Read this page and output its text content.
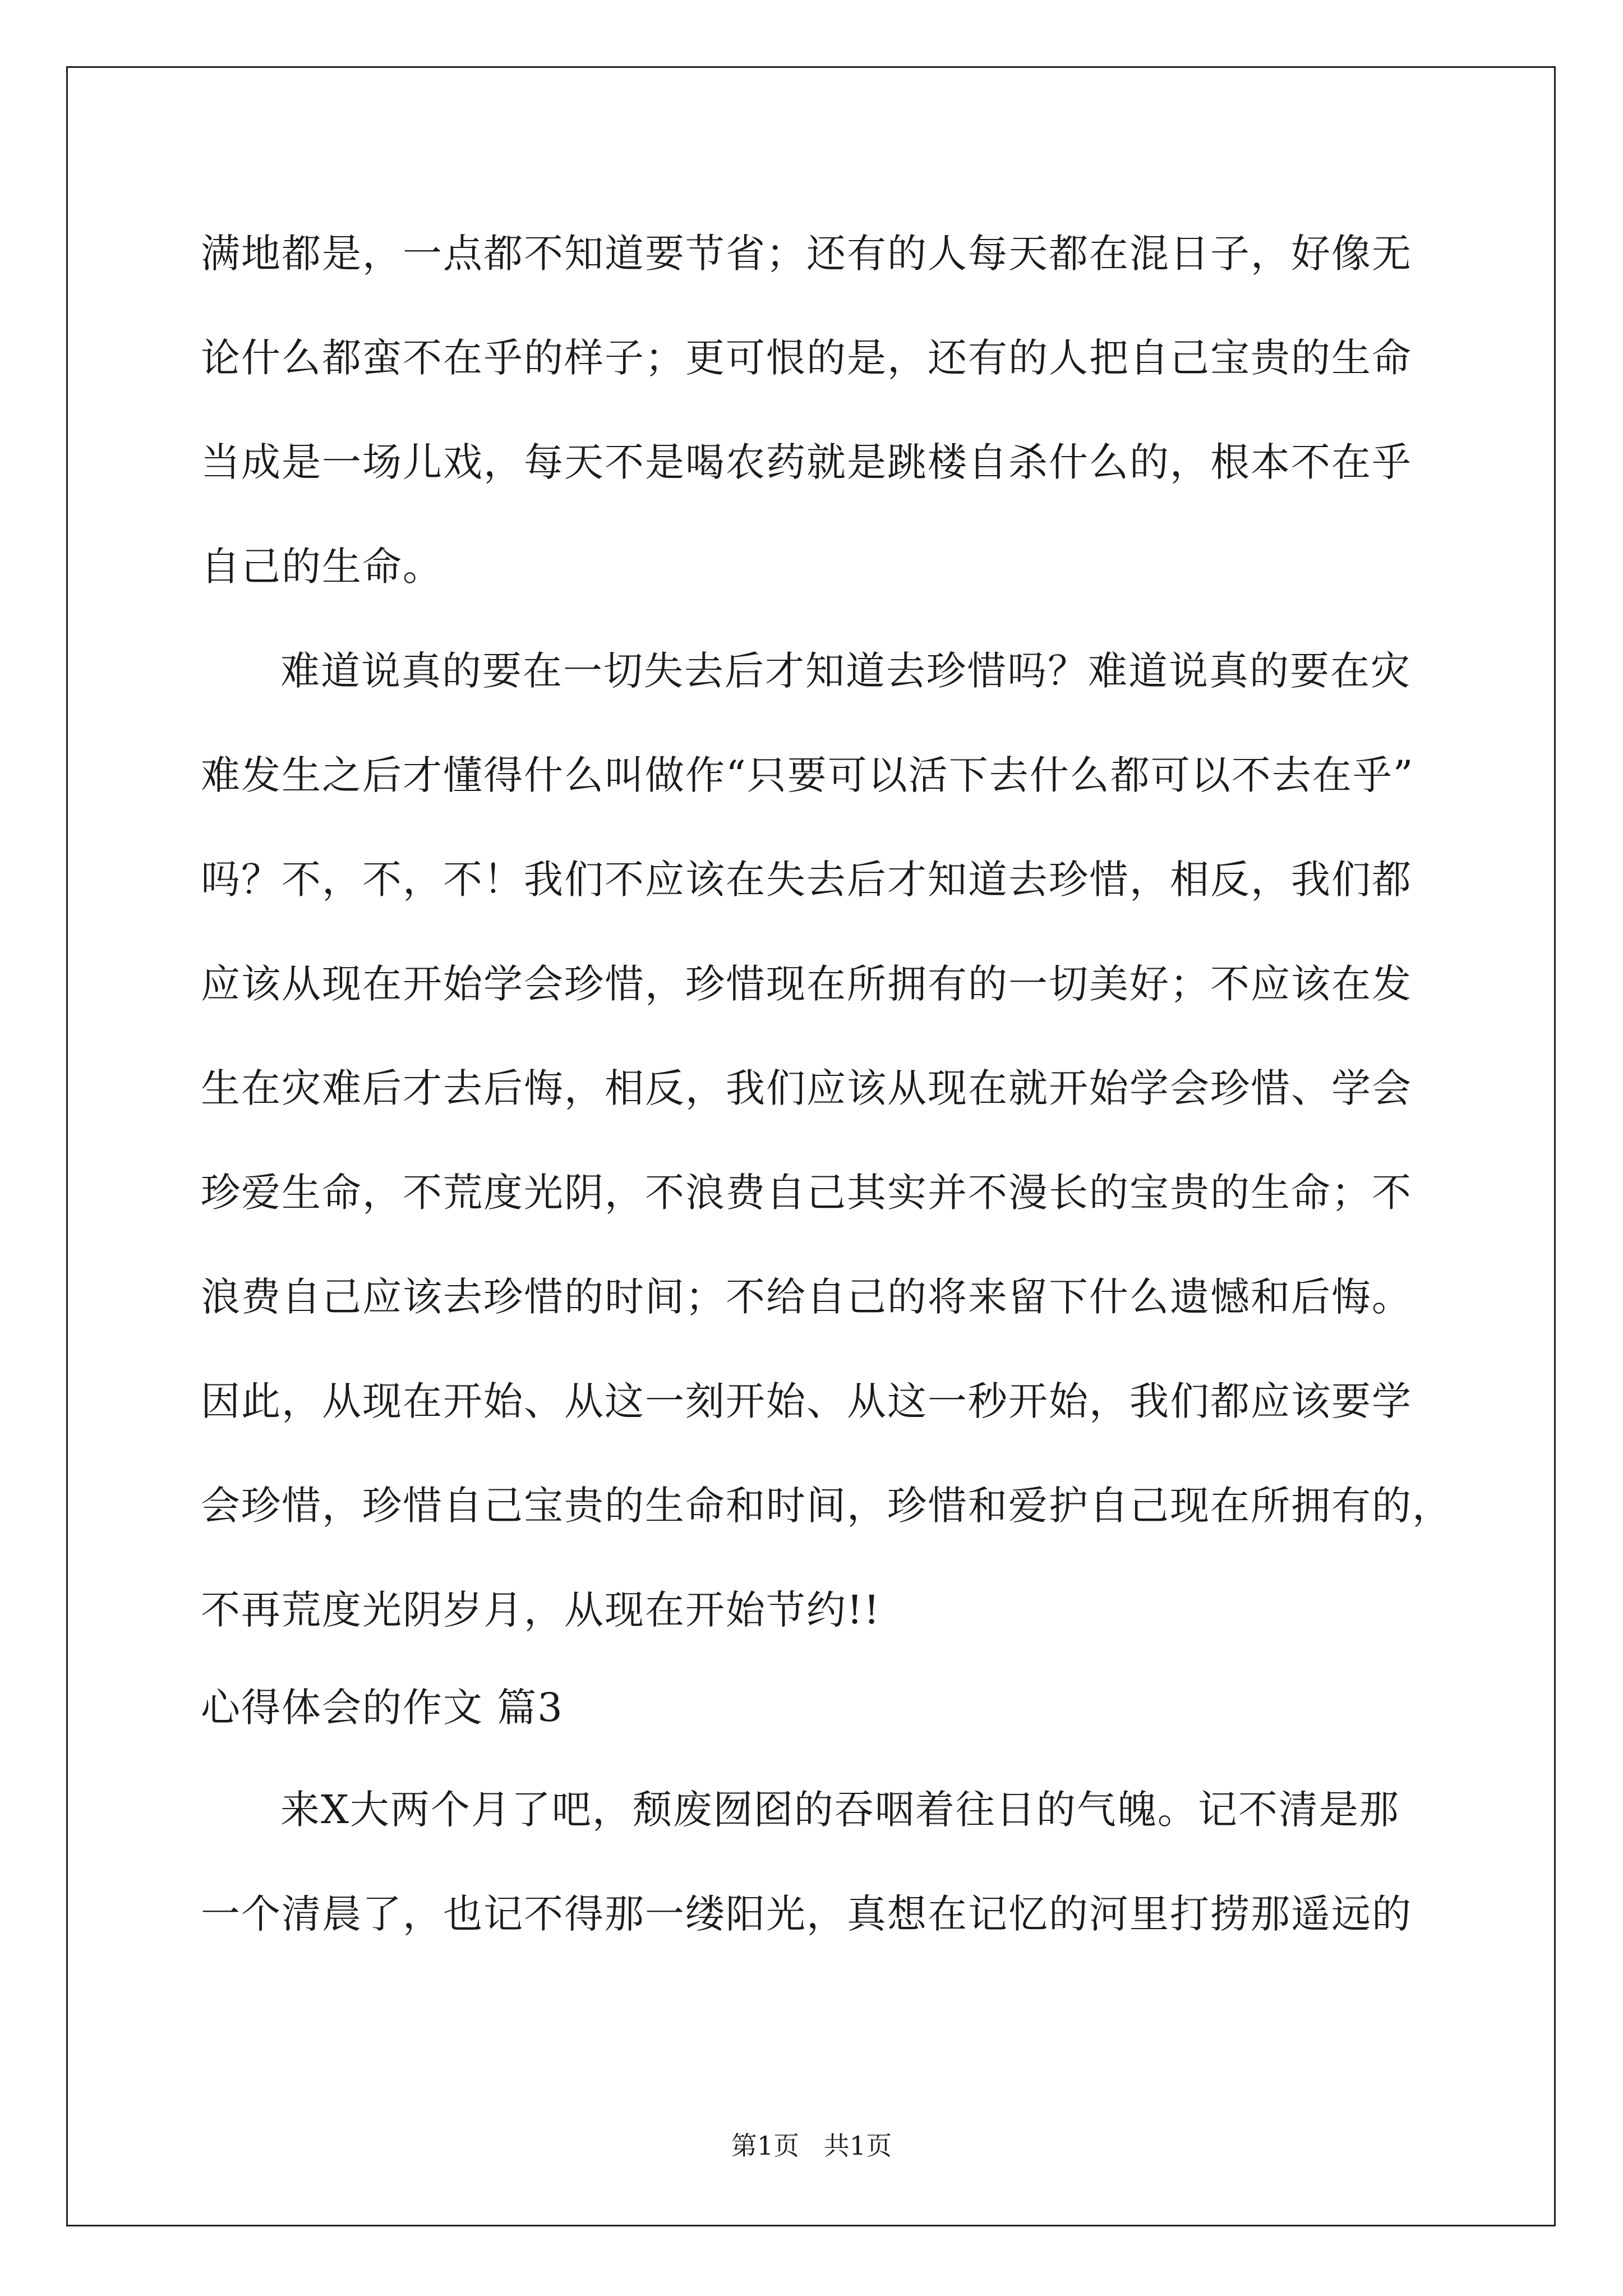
满地都是，一点都不知道要节省；还有的人每天都在混日子，好像无
论什么都蛮不在乎的样子；更可恨的是，还有的人把自己宝贵的生命
当成是一场儿戏，每天不是喝农药就是跳楼自杀什么的，根本不在乎
自己的生命。
难道说真的要在一切失去后才知道去珍惜吗？难道说真的要在灾
难发生之后才懂得什么叫做作“只要可以活下去什么都可以不去在乎”
吗？不，不，不！我们不应该在失去后才知道去珍惜，相反，我们都
应该从现在开始学会珍惜，珍惜现在所拥有的一切美好；不应该在发
生在灾难后才去后悔，相反，我们应该从现在就开始学会珍惜、学会
珍爱生命，不荒度光阴，不浪费自己其实并不漫长的宝贵的生命；不
浪费自己应该去珍惜的时间；不给自己的将来留下什么遗憾和后悔。
因此，从现在开始、从这一刻开始、从这一秒开始，我们都应该要学
会珍惜，珍惜自己宝贵的生命和时间，珍惜和爱护自己现在所拥有的，
不再荒度光阴岁月，从现在开始节约!!
心得体会的作文 篇3
来X大两个月了吧，颓废囫囵的吞咽着往日的气魄。记不清是那
一个清晨了，也记不得那一缕阳光，真想在记忆的河里打捞那遥远的
第1页   共1页
